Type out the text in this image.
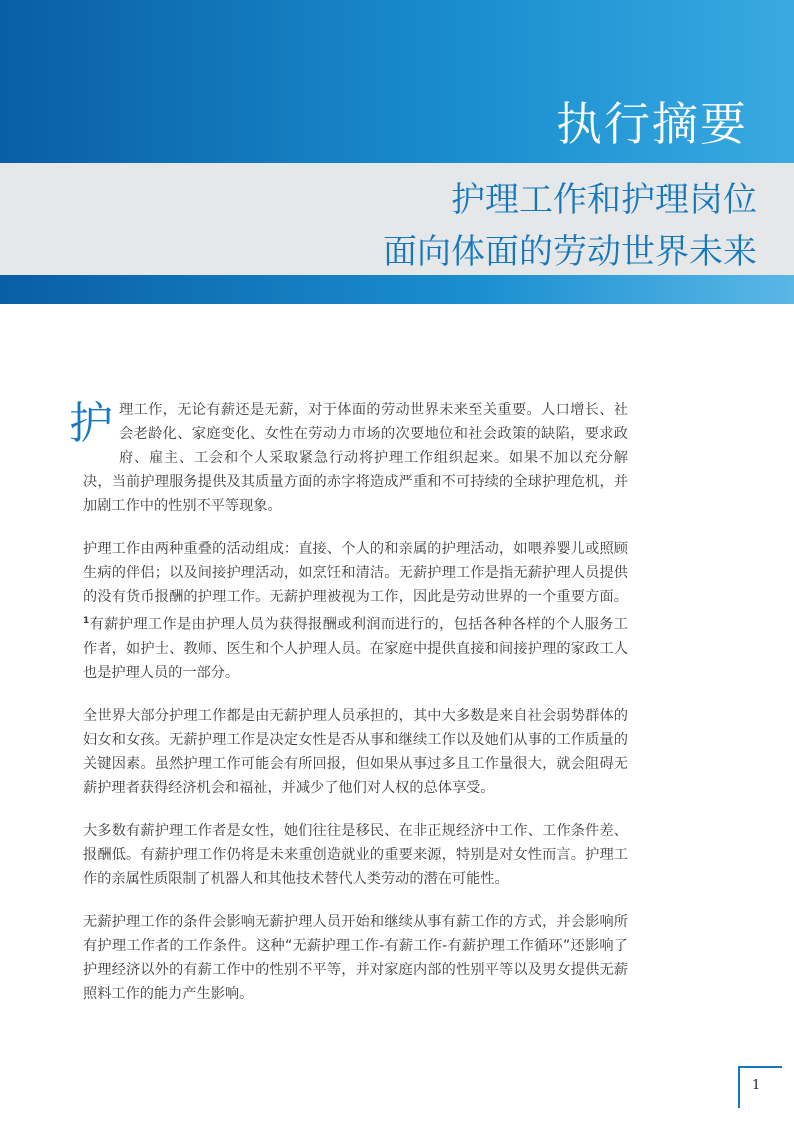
执行摘要
护理工作和护理岗位
面向体面的劳动世界未来

护理工作，无论有薪还是无薪，对于体面的劳动世界未来至关重要。人口增长、社会老龄化、家庭变化、女性在劳动力市场的次要地位和社会政策的缺陷，要求政府、雇主、工会和个人采取紧急行动将护理工作组织起来。如果不加以充分解决，当前护理服务提供及其质量方面的赤字将造成严重和不可持续的全球护理危机，并加剧工作中的性别不平等现象。

护理工作由两种重叠的活动组成：直接、个人的和亲属的护理活动，如喂养婴儿或照顾生病的伴侣；以及间接护理活动，如烹饪和清洁。无薪护理工作是指无薪护理人员提供的没有货币报酬的护理工作。无薪护理被视为工作，因此是劳动世界的一个重要方面。$^1$有薪护理工作是由护理人员为获得报酬或利润而进行的，包括各种各样的个人服务工作者，如护士、教师、医生和个人护理人员。在家庭中提供直接和间接护理的家政工人也是护理人员的一部分。

全世界大部分护理工作都是由无薪护理人员承担的，其中大多数是来自社会弱势群体的妇女和女孩。无薪护理工作是决定女性是否从事和继续工作以及她们从事的工作质量的关键因素。虽然护理工作可能会有所回报，但如果从事过多且工作量很大，就会阻碍无薪护理者获得经济机会和福祉，并减少了他们对人权的总体享受。

大多数有薪护理工作者是女性，她们往往是移民、在非正规经济中工作、工作条件差、报酬低。有薪护理工作仍将是未来重创造就业的重要来源，特别是对女性而言。护理工作的亲属性质限制了机器人和其他技术替代人类劳动的潜在可能性。

无薪护理工作的条件会影响无薪护理人员开始和继续从事有薪工作的方式，并会影响所有护理工作者的工作条件。这种“无薪护理工作-有薪工作-有薪护理工作循环”还影响了护理经济以外的有薪工作中的性别不平等，并对家庭内部的性别平等以及男女提供无薪照料工作的能力产生影响。

1
